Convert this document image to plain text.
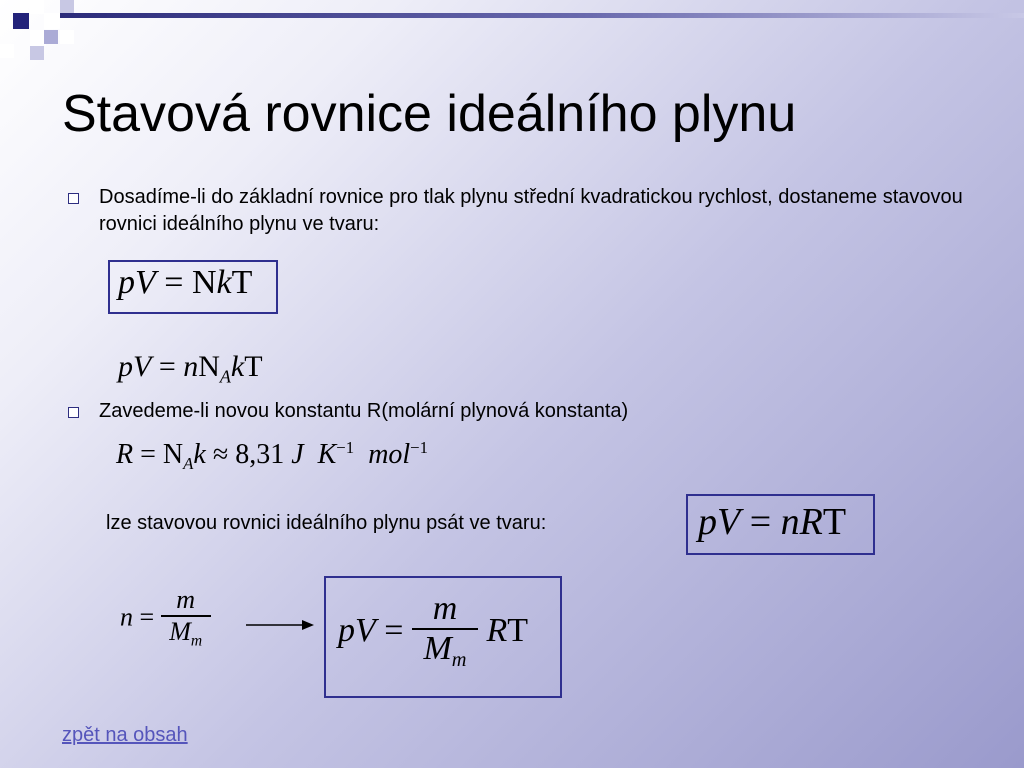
Stavová rovnice ideálního plynu
Dosadíme-li do základní rovnice pro tlak plynu střední kvadratickou rychlost, dostaneme stavovou rovnici ideálního plynu ve tvaru:
pV = NkT
pV = $nN_AkT$
Zavedeme-li novou konstantu R(molární plynová konstanta)
$R = N_Ak \approx 8,31$ J $K^{-1}$ mol$^{-1}$
lze stavovou rovnici ideálního plynu psát ve tvaru:	pV = nRT
$n = \frac{m}{M_m}$	pV = $\frac{m}{M_m}$ RT
zpět na obsah
